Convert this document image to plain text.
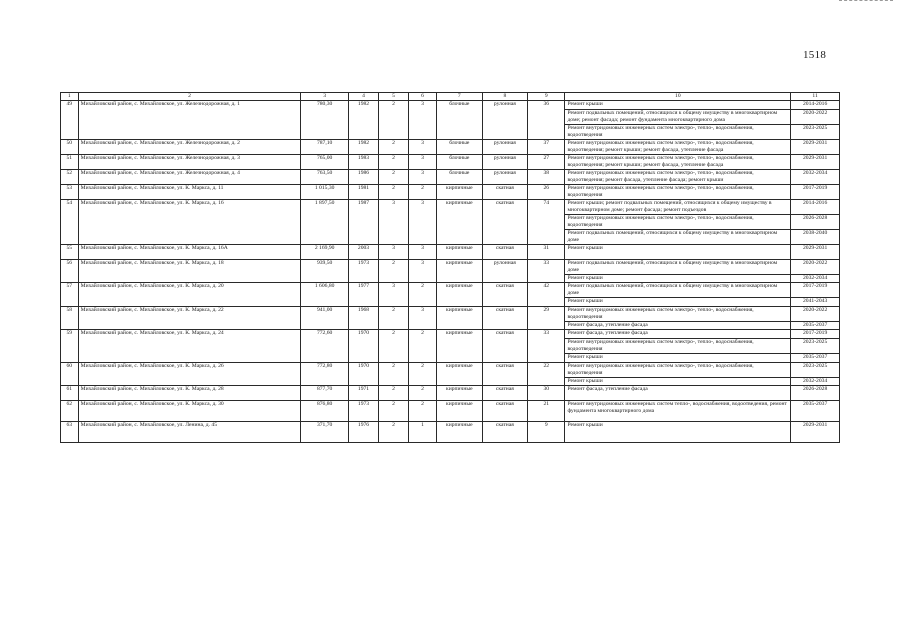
1518
1	2	3	4	5	6	7	8	9	10	11
49	Михайловский район, с. Михайловское, ул. Железнодорожная, д. 1	780,30	1982	2	3	блочные	рулонная	36	Ремонт крыши	2014-2016
									Ремонт подвальных помещений, относящихся к общему имуществу в многоквартирном доме; ремонт фасада; ремонт фундамента многоквартирного дома	2020-2022
									Ремонт внутридомовых инженерных систем электро-, тепло-, водоснабжения, водоотведения	2023-2025
50	Михайловский район, с. Михайловское, ул. Железнодорожная, д. 2	787,10	1982	2	3	блочные	рулонная	37	Ремонт внутридомовых инженерных систем электро-, тепло-, водоснабжения, водоотведения; ремонт крыши; ремонт фасада, утепление фасада	2029-2031
51	Михайловский район, с. Михайловское, ул. Железнодорожная, д. 3	765,00	1983	2	3	блочные	рулонная	27	Ремонт внутридомовых инженерных систем электро-, тепло-, водоснабжения, водоотведения; ремонт крыши; ремонт фасада, утепление фасада	2029-2031
52	Михайловский район, с. Михайловское, ул. Железнодорожная, д. 4	763,50	1986	2	3	блочные	рулонная	38	Ремонт внутридомовых инженерных систем электро-, тепло-, водоснабжения, водоотведения; ремонт фасада, утепление фасада; ремонт крыши	2032-2034
53	Михайловский район, с. Михайловское, ул. К. Маркса, д. 11	1 015,30	1981	2	2	кирпичные	скатная	26	Ремонт внутридомовых инженерных систем электро-, тепло-, водоснабжения, водоотведения	2017-2019
54	Михайловский район, с. Михайловское, ул. К. Маркса, д. 16	1 897,50	1987	3	3	кирпичные	скатная	74	Ремонт крыши; ремонт подвальных помещений, относящихся к общему имуществу в многоквартирном доме; ремонт фасада; ремонт подъездов	2014-2016
									Ремонт внутридомовых инженерных систем электро-, тепло-, водоснабжения, водоотведения	2026-2028
									Ремонт подвальных помещений, относящихся к общему имуществу в многоквартирном доме	2038-2040
55	Михайловский район, с. Михайловское, ул. К. Маркса, д. 16А	2 169,90	2003	3	3	кирпичные	скатная	31	Ремонт крыши	2029-2031
56	Михайловский район, с. Михайловское, ул. К. Маркса, д. 18	939,50	1973	2	3	кирпичные	рулонная	33	Ремонт подвальных помещений, относящихся к общему имуществу в многоквартирном доме	2020-2022
									Ремонт крыши	2032-2034
57	Михайловский район, с. Михайловское, ул. К. Маркса, д. 20	1 606,80	1977	3	2	кирпичные	скатная	42	Ремонт подвальных помещений, относящихся к общему имуществу в многоквартирном доме	2017-2019
									Ремонт крыши	2041-2043
58	Михайловский район, с. Михайловское, ул. К. Маркса, д. 22	941,00	1968	2	3	кирпичные	скатная	29	Ремонт внутридомовых инженерных систем электро-, тепло-, водоснабжения, водоотведения	2020-2022
									Ремонт фасада, утепление фасада	2035-2037
59	Михайловский район, с. Михайловское, ул. К. Маркса, д. 24	772,60	1970	2	2	кирпичные	скатная	33	Ремонт фасада, утепление фасада	2017-2019
									Ремонт внутридомовых инженерных систем электро-, тепло-, водоснабжения, водоотведения	2023-2025
									Ремонт крыши	2035-2037
60	Михайловский район, с. Михайловское, ул. К. Маркса, д. 26	772,80	1970	2	2	кирпичные	скатная	22	Ремонт внутридомовых инженерных систем электро-, тепло-, водоснабжения, водоотведения	2023-2025
									Ремонт крыши	2032-2034
61	Михайловский район, с. Михайловское, ул. К. Маркса, д. 28	877,70	1971	2	2	кирпичные	скатная	30	Ремонт фасада, утепление фасада	2026-2028
62	Михайловский район, с. Михайловское, ул. К. Маркса, д. 30	876,80	1973	2	2	кирпичные	скатная	21	Ремонт внутридомовых инженерных систем тепло-, водоснабжения, водоотведения, ремонт фундамента многоквартирного дома	2035-2037
63	Михайловский район, с. Михайловское, ул. Ленина, д. 45	371,70	1976	2	1	кирпичные	скатная	9	Ремонт крыши	2029-2031
